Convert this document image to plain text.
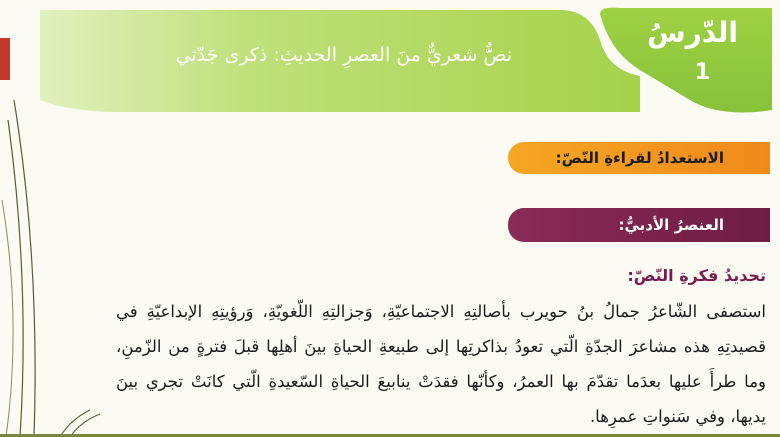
الدّرسُ
1
نصٌّ شعريٌّ منَ العصرِ الحديثِ: ذكرى جَدّتي
الاستعدادُ لقراءةِ النّصّ:
العنصرُ الأدبيُّ:
تحديدُ فكرةِ النّصّ:
استصفى الشّاعرُ جمالُ بنُ حويرب بأصالتِهِ الاجتماعيّةِ، وَجزالتِهِ اللّغويّةِ، وَرؤيتِهِ الإبداعيّةِ في قصيدتِهِ هذه مشاعرَ الجدّةِ الّتي تعودُ بذاكرتِها إلى طبيعةِ الحياةِ بينَ أهلِها قبلَ فترةٍ من الزّمنِ، وما طرأَ عليها بعدَما تقدّمَ بها العمرُ، وكأنّها فقدَتْ ينابيعَ الحياةِ السّعيدةِ الّتي كانَتْ تجري بينَ يديها، وفي سَنواتِ عمرِها.
